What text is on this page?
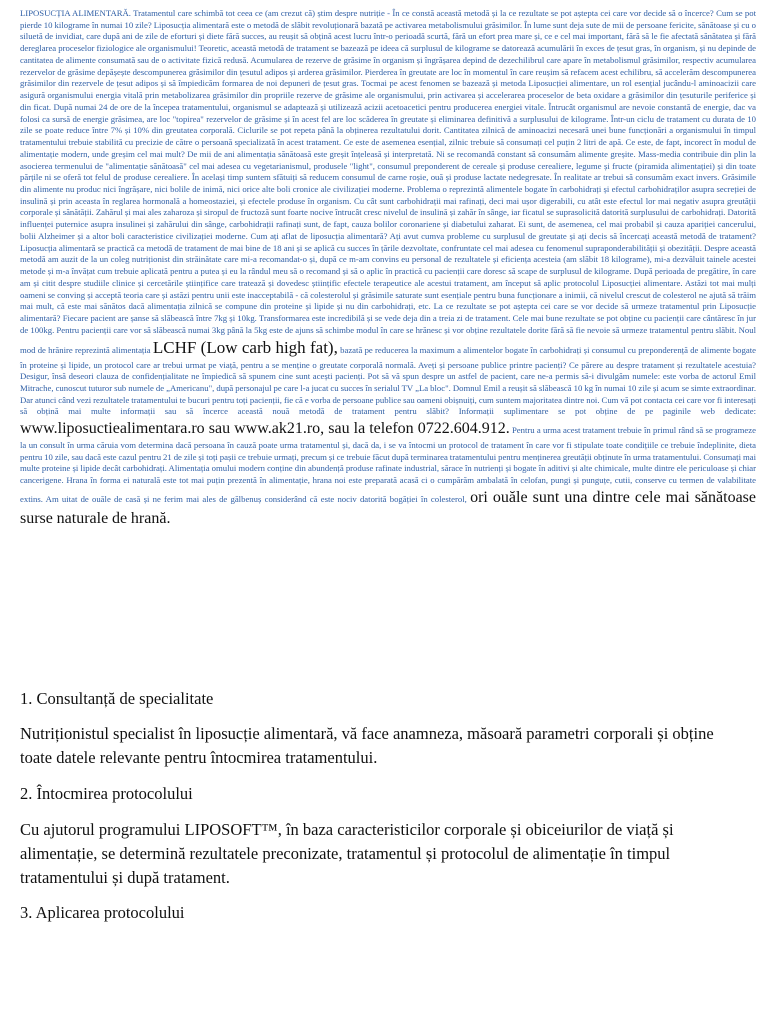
LIPOSUCȚIA ALIMENTARĂ. Tratamentul care schimbă tot ceea ce (am crezut că) știm despre nutriție - În ce constă această metodă și la ce rezultate se pot aștepta cei care vor decide să o încerce? Cum se pot pierde 10 kilograme în numai 10 zile? Liposucția alimentară este o metodă de slăbit revoluționară bazată pe activarea metabolismului grăsimilor. În lume sunt deja sute de mii de persoane fericite, sănătoase și cu o siluetă de invidiat, care după ani de zile de eforturi și diete fără succes, au reușit să obțină acest lucru într-o perioadă scurtă, fără un efort prea mare și, ce e cel mai important, fără să le fie afectată sănătatea și fără dereglarea proceselor fiziologice ale organismului! Teoretic, această metodă de tratament se bazează pe ideea că surplusul de kilograme se datorează acumulării în exces de țesut gras, în organism, și nu depinde de cantitatea de alimente consumată sau de o activitate fizică redusă. Acumularea de rezerve de grăsime în organism și îngrășarea depind de dezechilibrul care apare în metabolismul grăsimilor, respectiv acumularea rezervelor de grăsime depășește descompunerea grăsimilor din țesutul adipos și arderea grăsimilor. Pierderea în greutate are loc în momentul în care reușim să refacem acest echilibru, să accelerăm descompunerea grăsimilor din rezervele de țesut adipos și să împiedicăm formarea de noi depuneri de țesut gras. Tocmai pe acest fenomen se bazează și metoda Liposucției alimentare, un rol esențial jucându-l aminoacizii care asigură organismului energia vitală prin metabolizarea grăsimilor din propriile rezerve de grăsime ale organismului, prin activarea și accelerarea proceselor de beta oxidare a grăsimilor din țesuturile periferice și din ficat. După numai 24 de ore de la începea tratamentului, organismul se adaptează și utilizează acizii acetoacetici pentru producerea energiei vitale. Întrucât organismul are nevoie constantă de energie, dac va folosi ca sursă de energie grăsimea, are loc "topirea" rezervelor de grăsime și în acest fel are loc scăderea în greutate și eliminarea definitivă a surplusului de kilograme. Într-un ciclu de tratament cu durata de 10 zile se poate reduce între 7% și 10% din greutatea corporală. Ciclurile se pot repeta până la obținerea rezultatului dorit. Cantitatea zilnică de aminoacizi necesară unei bune funcționări a organismului în timpul tratamentului trebuie stabilită cu precizie de către o persoană specializată în acest tratament. Ce este de asemenea esențial, zilnic trebuie să consumați cel puțin 2 litri de apă. Ce este, de fapt, incorect în modul de alimentație modern, unde greșim cel mai mult? De mii de ani alimentația sănătoasă este greșit înțeleasă și interpretată. Ni se recomandă constant să consumăm alimente greșite. Mass-media contribuie din plin la asocierea termenului de "alimentație sănătoasă" cel mai adesea cu vegetarianismul, produsele "light", consumul preponderent de cereale și produse cerealiere, legume și fructe (piramida alimentației) și din toate părțile ni se oferă tot felul de produse cerealiere. În același timp suntem sfătuiți să reducem consumul de carne roșie, ouă și produse lactate nedegresate. În realitate ar trebui să consumăm exact invers. Grăsimile din alimente nu produc nici îngrășare, nici bolile de inimă, nici orice alte boli cronice ale civilizației moderne. Problema o reprezintă alimentele bogate în carbohidrați și efectul carbohidraților asupra secreției de insulină și prin aceasta în reglarea hormonală a homeostaziei, și efectele produse în organism. Cu cât sunt carbohidrații mai rafinați, deci mai ușor digerabili, cu atât este efectul lor mai negativ asupra greutății corporale și sănătății. Zahărul și mai ales zaharoza și siropul de fructoză sunt foarte nocive întrucât cresc nivelul de insulină și zahăr în sânge, iar ficatul se suprasolicită datorită surplusului de carbohidrați. Datorită influenței puternice asupra insulinei și zahărului din sânge, carbohidrații rafinați sunt, de fapt, cauza bolilor coronariene și diabetului zaharat. Ei sunt, de asemenea, cel mai probabil și cauza apariției cancerului, bolii Alzheimer și a altor boli caracteristice civilizației moderne. Cum ați aflat de liposucția alimentară? Ați avut cumva probleme cu surplusul de greutate și ați decis să încercați această metodă de tratament? Liposucția alimentară se practică ca metodă de tratament de mai bine de 18 ani și se aplică cu succes în țările dezvoltate, confruntate cel mai adesea cu fenomenul supraponderabilității și obezității. Despre această metodă am auzit de la un coleg nutriționist din străinătate care mi-a recomandat-o și, după ce m-am convins eu personal de rezultatele și eficiența acesteia (am slăbit 18 kilograme), mi-a dezvăluit tainele acestei metode și m-a învățat cum trebuie aplicată pentru a putea și eu la rândul meu să o recomand și să o aplic în practică cu pacienții care doresc să scape de surplusul de kilograme. După perioada de pregătire, în care am și citit despre studiile clinice și cercetările științifice care tratează și dovedesc științific efectele terapeutice ale acestui tratament, am început să aplic protocolul Liposucției alimentare. Astăzi tot mai mulți oameni se conving și acceptă teoria care și astăzi pentru unii este inacceptabilă - că colesterolul și grăsimile saturate sunt esențiale pentru buna funcționare a inimii, că nivelul crescut de colesterol ne ajută să trăim mai mult, că este mai sănătos dacă alimentația zilnică se compune din proteine și lipide și nu din carbohidrați, etc. La ce rezultate se pot aștepta cei care se vor decide să urmeze tratamentul prin Liposucție alimentară? Fiecare pacient are șanse să slăbească între 7kg și 10kg. Transformarea este incredibilă și se vede deja din a treia zi de tratament. Cele mai bune rezultate se pot obține cu pacienții care cântăresc în jur de 100kg. Pentru pacienții care vor să slăbească numai 3kg până la 5kg este de ajuns să schimbe modul în care se hrănesc și vor obține rezultatele dorite fără să fie nevoie să urmeze tratamentul pentru slăbit. Noul mod de hrănire reprezintă alimentația LCHF (Low carb high fat), bazată pe reducerea la maximum a alimentelor bogate în carbohidrați și consumul cu preponderență de alimente bogate în proteine și lipide, un protocol care ar trebui urmat pe viață, pentru a se menține o greutate corporală normală. Aveți și persoane publice printre pacienți? Ce părere au despre tratament și rezultatele acestuia? Desigur, însă deseori clauza de confidențialitate ne împiedică să spunem cine sunt acești pacienți. Pot să vă spun despre un astfel de pacient, care ne-a permis să-i divulgăm numele: este vorba de actorul Emil Mitrache, cunoscut tuturor sub numele de „Americanu", după personajul pe care l-a jucat cu succes în serialul TV „La bloc". Domnul Emil a reușit să slăbească 10 kg în numai 10 zile și acum se simte extraordinar. Dar atunci când vezi rezultatele tratamentului te bucuri pentru toți pacienții, fie că e vorba de persoane publice sau oameni obișnuiți, cum suntem majoritatea dintre noi. Cum vă pot contacta cei care vor fi interesați să obțină mai multe informații sau să încerce această nouă metodă de tratament pentru slăbit? Informații suplimentare se pot obține de pe paginile web dedicate: www.liposuctiealimentara.ro sau www.ak21.ro, sau la telefon 0722.604.912. Pentru a urma acest tratament trebuie în primul rând să se programeze la un consult în urma căruia vom determina dacă persoana în cauză poate urma tratamentul și, dacă da, i se va întocmi un protocol de tratament în care vor fi stipulate toate condițiile ce trebuie îndeplinite, dieta pentru 10 zile, sau dacă este cazul pentru 21 de zile și toți pașii ce trebuie urmați, precum și ce trebuie făcut după terminarea tratamentului pentru menținerea greutății obținute în urma tratamentului. Consumați mai multe proteine și lipide decât carbohidrați. Alimentația omului modern conține din abundență produse rafinate industrial, sărace în nutrienți și bogate în aditivi și alte chimicale, multe dintre ele periculoase și chiar cancerigene. Hrana în forma ei naturală este tot mai puțin prezentă în alimentație, hrana noi este preparată acasă ci o cumpărăm ambalată în celofan, pungi și punguțe, cutii, conserve cu termen de valabilitate extins. Am uitat de ouăle de casă și ne ferim mai ales de gălbenuș considerând că este nociv datorită bogăției în colesterol, ori ouăle sunt una dintre cele mai sănătoase surse naturale de hrană.
1. Consultanță de specialitate
Nutriționistul specialist în liposucție alimentară, vă face anamneza, măsoară parametri corporali și obține toate datele relevante pentru întocmirea tratamentului.
2. Întocmirea protocolului
Cu ajutorul programului LIPOSOFT™, în baza caracteristicilor corporale și obiceiurilor de viață și alimentație, se determină rezultatele preconizate, tratamentul și protocolul de alimentație în timpul tratamentului și după tratament.
3. Aplicarea protocolului
